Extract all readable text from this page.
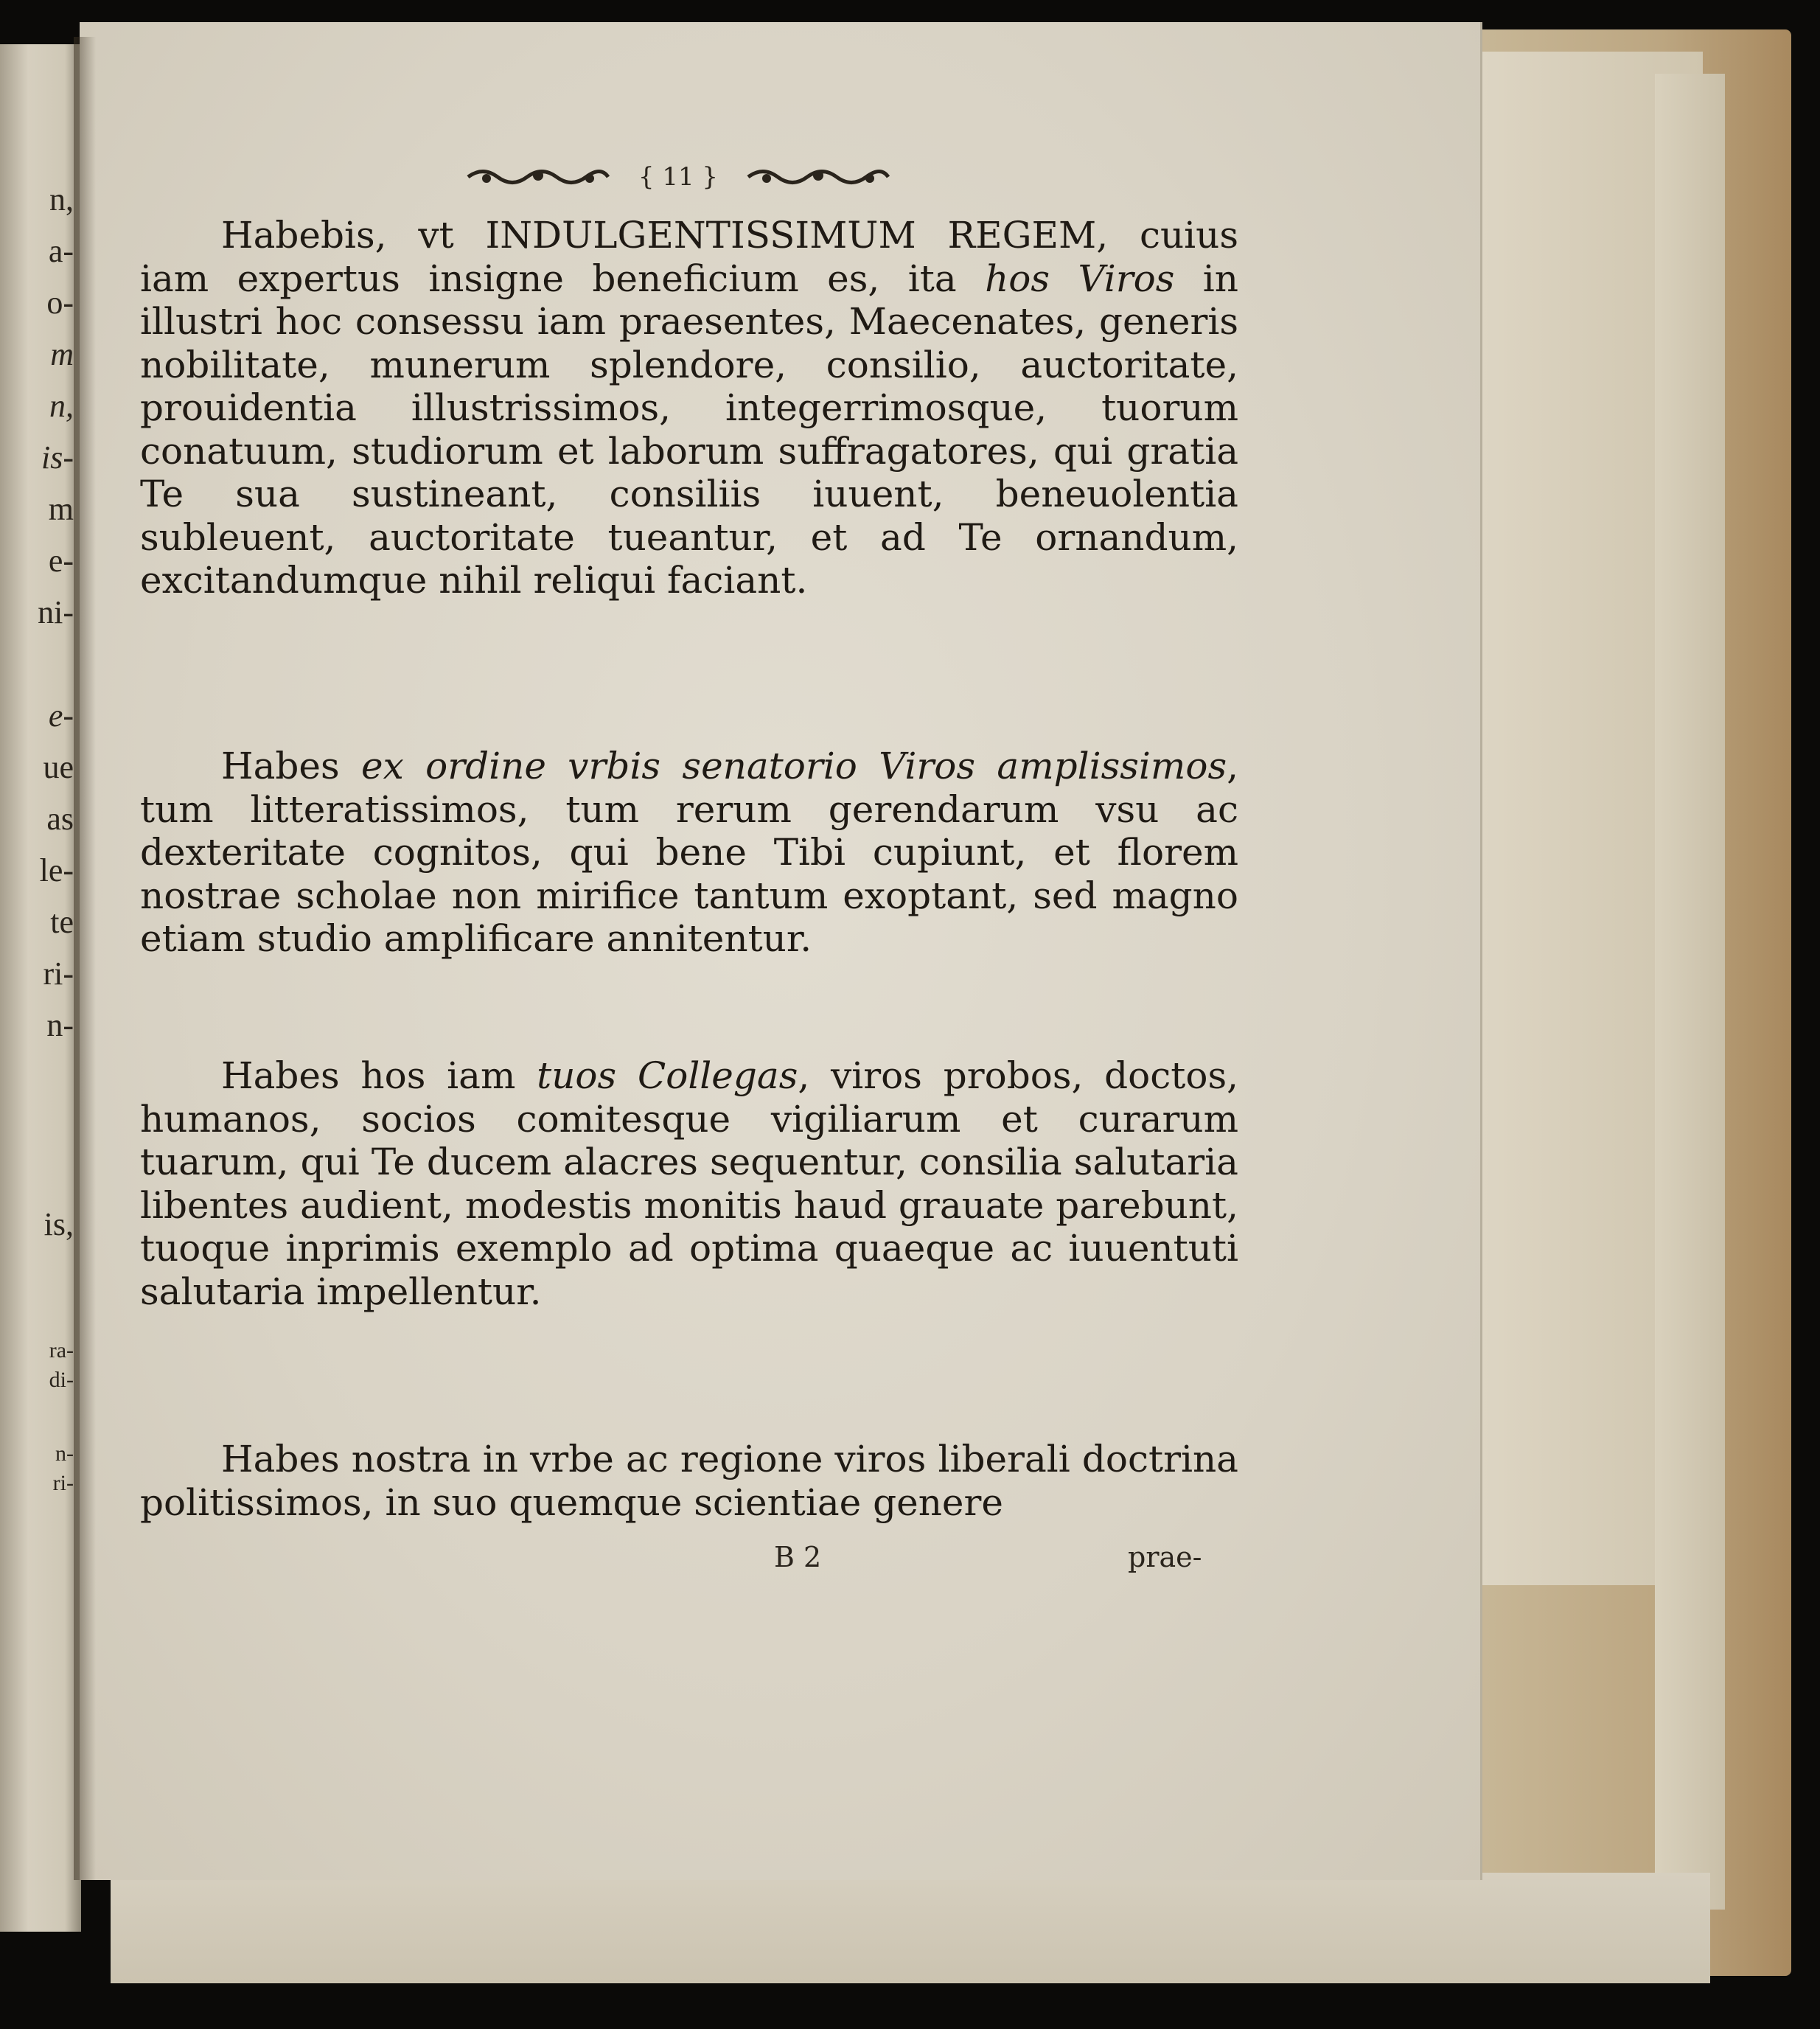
n,
a-
o-
m
n,
is-
m
e-
ni-
e-
ue
as
le-
te
ri-
n-
is,
ra-
di-
n-
ri-
{ 11 }

Habebis, vt INDULGENTISSIMUM REGEM, cuius iam expertus insigne beneficium es, ita hos Viros in illustri hoc consessu iam praesentes, Maecenates, generis nobilitate, munerum splendore, consilio, auctoritate, prouidentia illustrissimos, integerrimosque, tuorum conatuum, studiorum et laborum suffragatores, qui gratia Te sua sustineant, consiliis iuuent, beneuolentia subleuent, auctoritate tueantur, et ad Te ornandum, excitandumque nihil reliqui faciant.

Habes ex ordine vrbis senatorio Viros amplissimos, tum litteratissimos, tum rerum gerendarum vsu ac dexteritate cognitos, qui bene Tibi cupiunt, et florem nostrae scholae non mirifice tantum exoptant, sed magno etiam studio amplificare annitentur.

Habes hos iam tuos Collegas, viros probos, doctos, humanos, socios comitesque vigiliarum et curarum tuarum, qui Te ducem alacres sequentur, consilia salutaria libentes audient, modestis monitis haud grauate parebunt, tuoque inprimis exemplo ad optima quaeque ac iuuentuti salutaria impellentur.

Habes nostra in vrbe ac regione viros liberali doctrina politissimos, in suo quemque scientiae genere

B 2	prae-
